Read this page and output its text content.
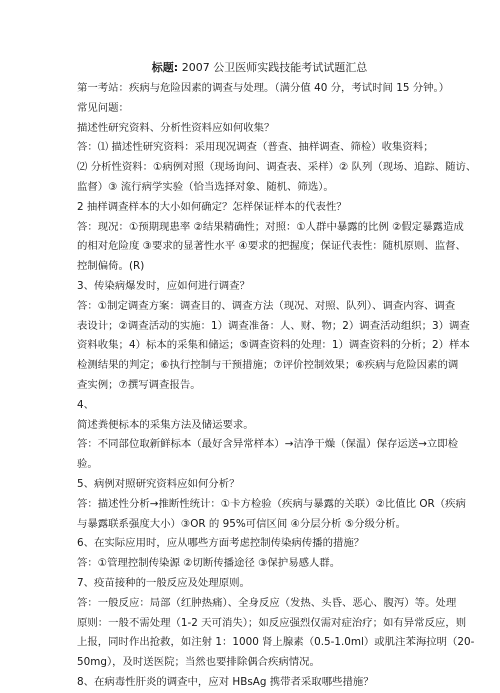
标题: 2007 公卫医师实践技能考试试题汇总
第一考站：疾病与危险因素的调查与处理。（满分值 40 分，考试时间 15 分钟。）
常见问题：
描述性研究资料、分析性资料应如何收集？
答：⑴ 描述性研究资料：采用现况调查（普查、抽样调查、筛检）收集资料；
⑵ 分析性资料：①病例对照（现场询问、调查表、采样）② 队列（现场、追踪、随访、
监督）③ 流行病学实验（恰当选择对象、随机、筛选）。
2 抽样调查样本的大小如何确定？怎样保证样本的代表性？
答：现况：①预期现患率 ②结果精确性；对照：①人群中暴露的比例 ②假定暴露造成
的相对危险度 ③要求的显著性水平 ④要求的把握度；保证代表性：随机原则、监督、
控制偏倚。(R)
3、传染病爆发时，应如何进行调查？
答：①制定调查方案：调查目的、调查方法（现况、对照、队列）、调查内容、调查
表设计；②调查活动的实施：1）调查准备：人、财、物；2）调查活动组织；3）调查
资料收集；4）标本的采集和储运；⑤调查资料的处理：1）调查资料的分析；2）样本
检测结果的判定；⑥执行控制与干预措施；⑦评价控制效果；⑥疾病与危险因素的调
查实例；⑦撰写调查报告。
4、
简述粪便标本的采集方法及储运要求。
答：不同部位取新鲜标本（最好含异常样本）→洁净干燥（保温）保存运送→立即检
验。
5、病例对照研究资料应如何分析？
答：描述性分析→推断性统计：①卡方检验（疾病与暴露的关联）②比值比 OR（疾病
与暴露联系强度大小）③OR 的 95%可信区间 ④分层分析 ⑤分级分析。
6、在实际应用时，应从哪些方面考虑控制传染病传播的措施？
答：①管理控制传染源 ②切断传播途径 ③保护易感人群。
7、疫苗接种的一般反应及处理原则。
答：一般反应：局部（红肿热痛）、全身反应（发热、头昏、恶心、腹泻）等。处理
原则：一般不需处理（1-2 天可消失）；如反应强烈仅需对症治疗；如有异常反应，则
上报，同时作出抢救，如注射 1：1000 肾上腺素（0.5-1.0ml）或肌注苯海拉明（20-
50mg），及时送医院；当然也要排除偶合疾病情况。
8、在病毒性肝炎的调查中，应对 HBsAg 携带者采取哪些措施？
